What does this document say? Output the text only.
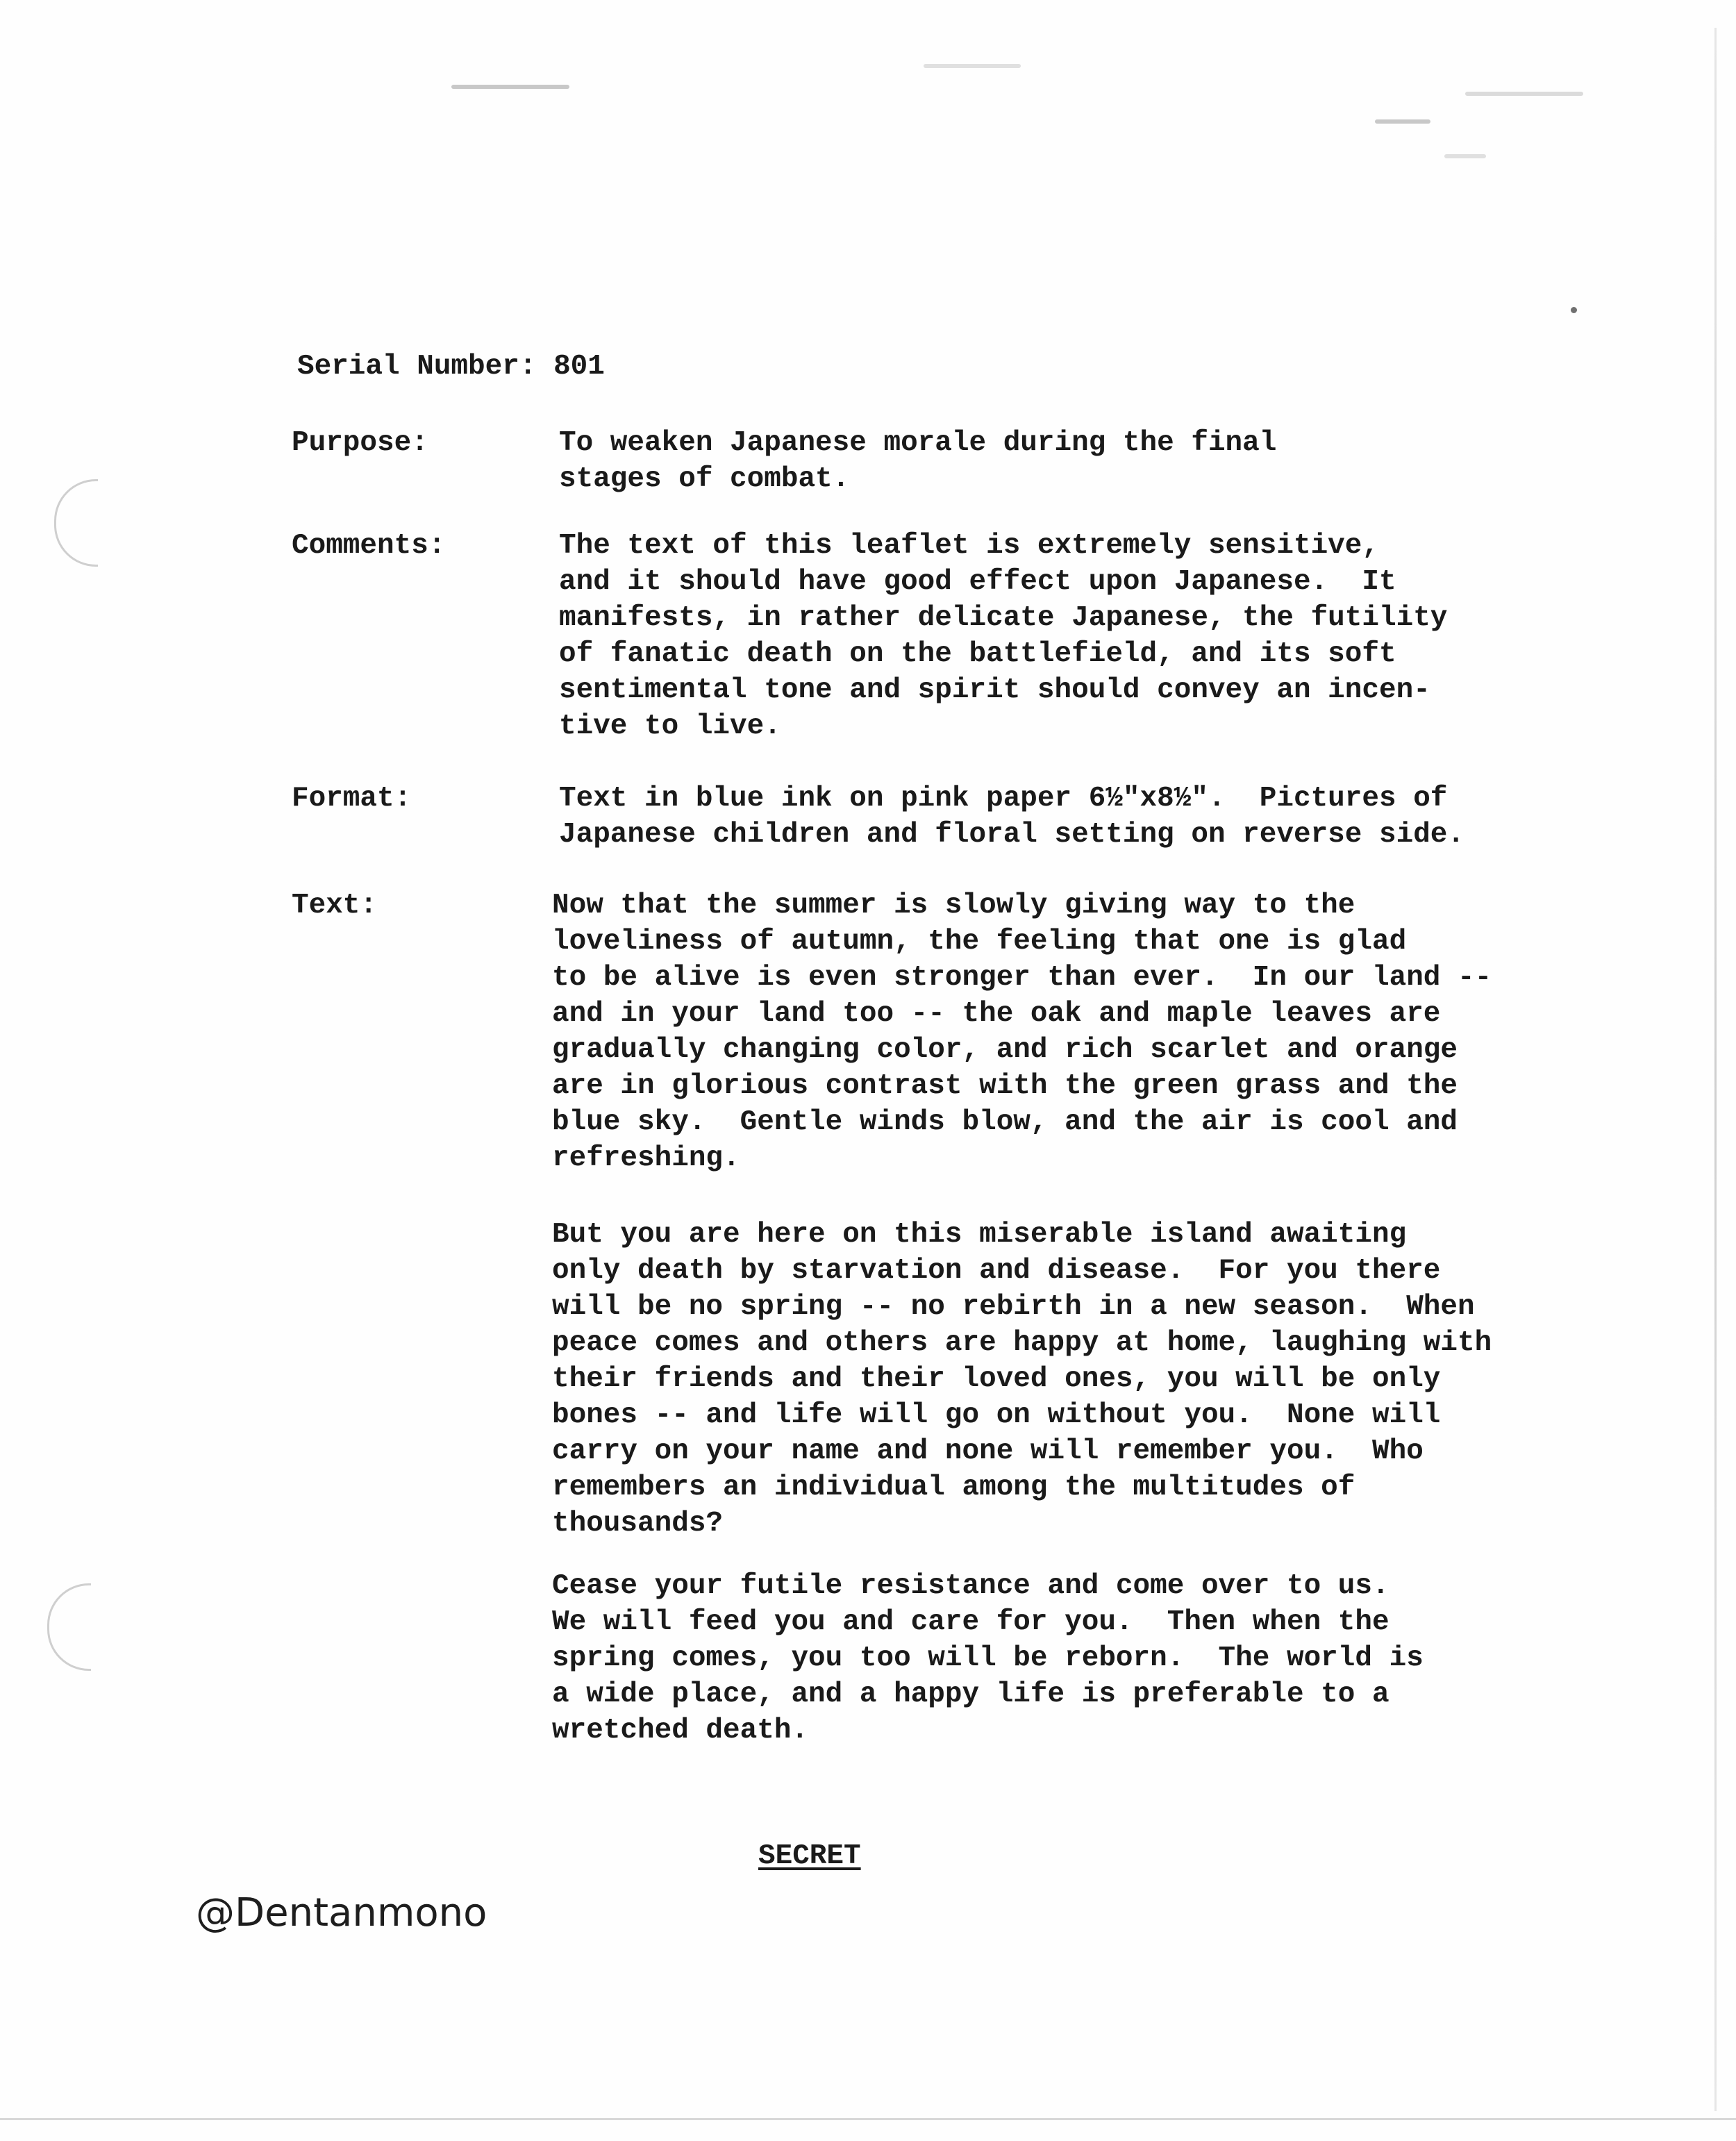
Serial Number: 801
Purpose:	To weaken Japanese morale during the final
stages of combat.
Comments:	The text of this leaflet is extremely sensitive,
and it should have good effect upon Japanese.  It
manifests, in rather delicate Japanese, the futility
of fanatic death on the battlefield, and its soft
sentimental tone and spirit should convey an incen-
tive to live.
Format:	Text in blue ink on pink paper 6½"x8½".  Pictures of
Japanese children and floral setting on reverse side.
Text:	Now that the summer is slowly giving way to the
loveliness of autumn, the feeling that one is glad
to be alive is even stronger than ever.  In our land --
and in your land too -- the oak and maple leaves are
gradually changing color, and rich scarlet and orange
are in glorious contrast with the green grass and the
blue sky.  Gentle winds blow, and the air is cool and
refreshing.
But you are here on this miserable island awaiting
only death by starvation and disease.  For you there
will be no spring -- no rebirth in a new season.  When
peace comes and others are happy at home, laughing with
their friends and their loved ones, you will be only
bones -- and life will go on without you.  None will
carry on your name and none will remember you.  Who
remembers an individual among the multitudes of
thousands?
Cease your futile resistance and come over to us.
We will feed you and care for you.  Then when the
spring comes, you too will be reborn.  The world is
a wide place, and a happy life is preferable to a
wretched death.
SECRET
@Dentanmono
